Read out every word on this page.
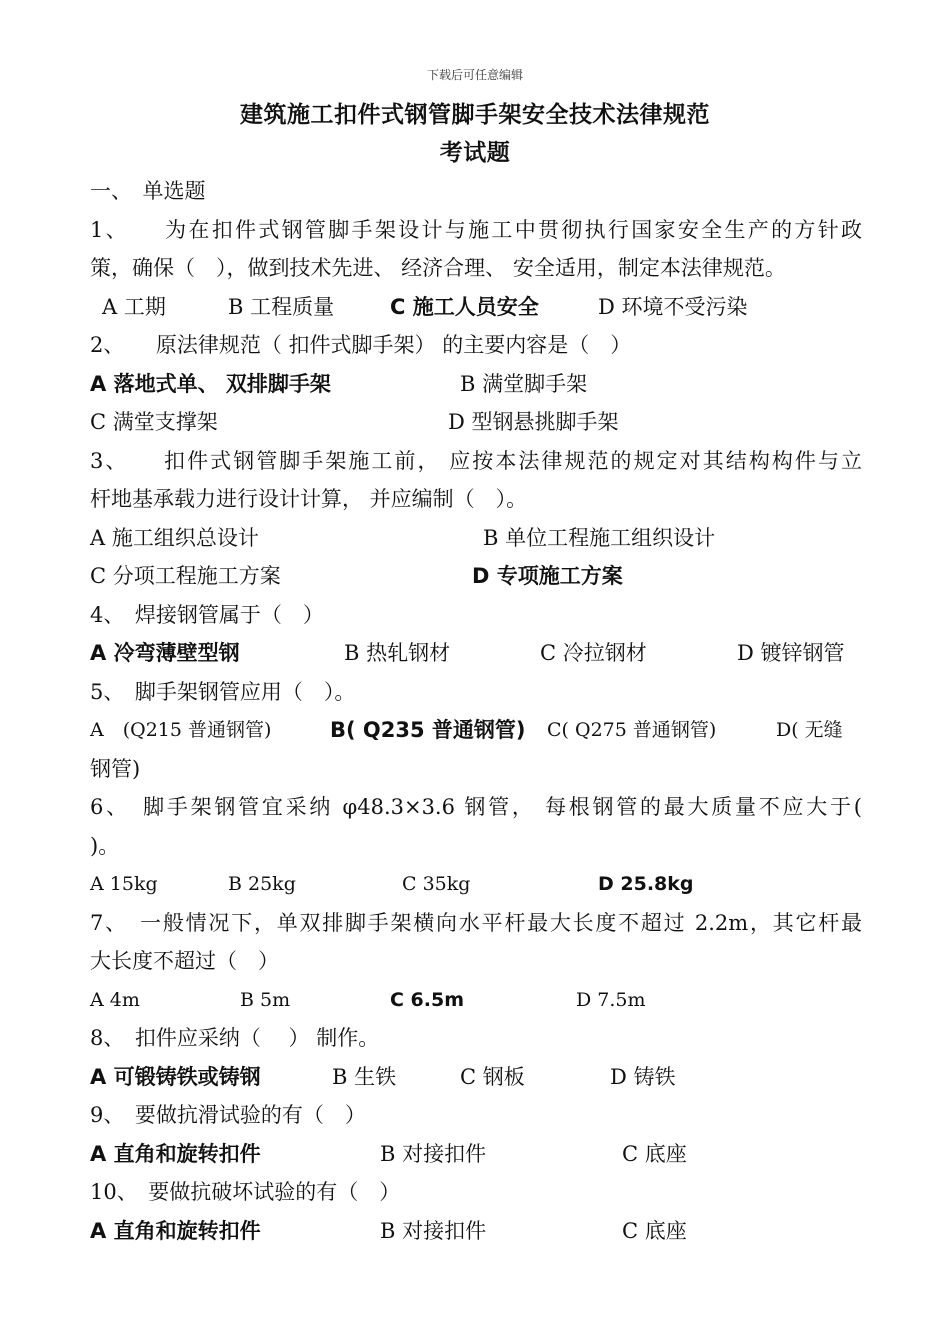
下载后可任意编辑
建筑施工扣件式钢管脚手架安全技术法律规范
考试题
一、　单选题
1、　　为在扣件式钢管脚手架设计与施工中贯彻执行国家安全生产的方针政
策，确保（　），做到技术先进、 经济合理、 安全适用，制定本法律规范。
A 工期	B 工程质量	C 施工人员安全	D 环境不受污染
2、　　原法律规范（ 扣件式脚手架） 的主要内容是（　）
A 落地式单、 双排脚手架	B 满堂脚手架
C 满堂支撑架	D 型钢悬挑脚手架
3、　　扣件式钢管脚手架施工前， 应按本法律规范的规定对其结构构件与立
杆地基承载力进行设计计算， 并应编制（　）。
A 施工组织总设计	B 单位工程施工组织设计
C 分项工程施工方案	D 专项施工方案
4、　焊接钢管属于（　）
A 冷弯薄壁型钢	B 热轧钢材	C 冷拉钢材	D 镀锌钢管
5、　脚手架钢管应用（　）。
A　(Q215 普通钢管)	B( Q235 普通钢管) C( Q275 普通钢管)	D( 无缝
钢管)
6、　脚手架钢管宜采纳 φ48.3×3.6 钢管， 每根钢管的最大质量不应大于(
)。
A 15kg	B 25kg	C 35kg	D 25.8kg
7、　一般情况下，单双排脚手架横向水平杆最大长度不超过 2.2m，其它杆最
大长度不超过（　）
A 4m	B 5m	C 6.5m	D 7.5m
8、　扣件应采纳（　 ） 制作。
A 可锻铸铁或铸钢	B 生铁	C 钢板	D 铸铁
9、　要做抗滑试验的有（　）
A 直角和旋转扣件	B 对接扣件	C 底座
10、　要做抗破坏试验的有（　）
A 直角和旋转扣件	B 对接扣件	C 底座
